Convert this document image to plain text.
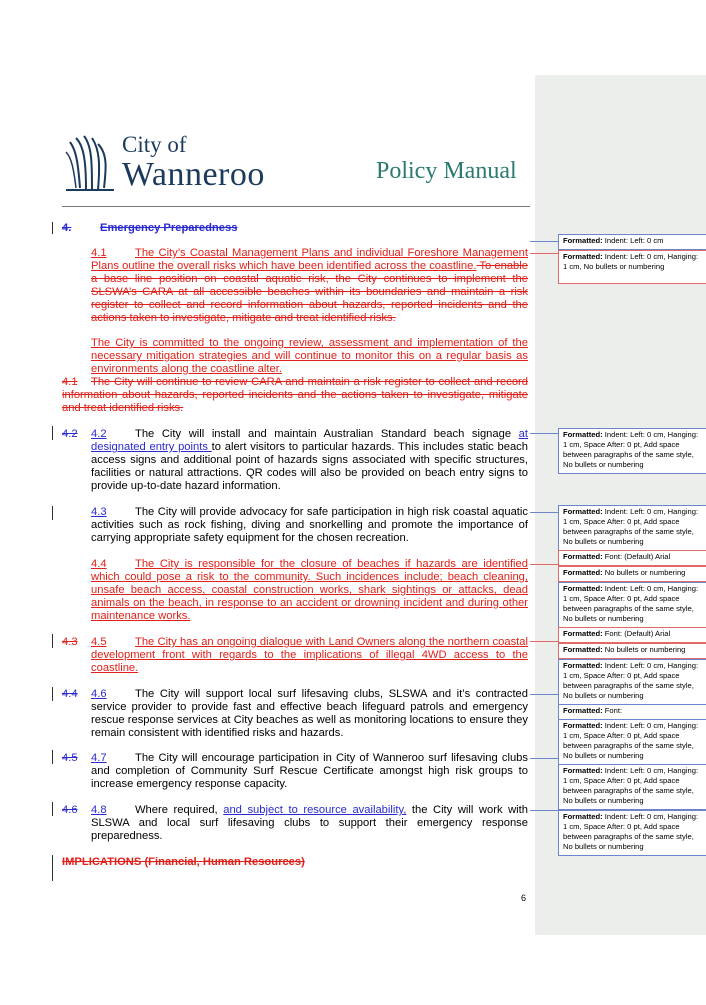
City of
Wanneroo	Policy Manual
4.	Emergency Preparedness
4.1	The City’s Coastal Management Plans and individual Foreshore Management Plans outline the overall risks which have been identified across the coastline. To enable a base line position on coastal aquatic risk, the City continues to implement the SLSWA’s CARA at all accessible beaches within its boundaries and maintain a risk register to collect and record information about hazards, reported incidents and the actions taken to investigate, mitigate and treat identified risks.
The City is committed to the ongoing review, assessment and implementation of the necessary mitigation strategies and will continue to monitor this on a regular basis as environments along the coastline alter.
4.1 The City will continue to review CARA and maintain a risk register to collect and record information about hazards, reported incidents and the actions taken to investigate, mitigate and treat identified risks.
4.2 4.2	The City will install and maintain Australian Standard beach signage at designated entry points to alert visitors to particular hazards. This includes static beach access signs and additional point of hazards signs associated with specific structures, facilities or natural attractions. QR codes will also be provided on beach entry signs to provide up-to-date hazard information.
4.3	The City will provide advocacy for safe participation in high risk coastal aquatic activities such as rock fishing, diving and snorkelling and promote the importance of carrying appropriate safety equipment for the chosen recreation.
4.4	The City is responsible for the closure of beaches if hazards are identified which could pose a risk to the community. Such incidences include; beach cleaning, unsafe beach access, coastal construction works, shark sightings or attacks, dead animals on the beach, in response to an accident or drowning incident and during other maintenance works.
4.3 4.5	The City has an ongoing dialogue with Land Owners along the northern coastal development front with regards to the implications of illegal 4WD access to the coastline.
4.4 4.6	The City will support local surf lifesaving clubs, SLSWA and it’s contracted service provider to provide fast and effective beach lifeguard patrols and emergency rescue response services at City beaches as well as monitoring locations to ensure they remain consistent with identified risks and hazards.
4.5 4.7	The City will encourage participation in City of Wanneroo surf lifesaving clubs and completion of Community Surf Rescue Certificate amongst high risk groups to increase emergency response capacity.
4.6 4.8	Where required, and subject to resource availability, the City will work with SLSWA and local surf lifesaving clubs to support their emergency response preparedness.
IMPLICATIONS (Financial, Human Resources)
6
Formatted: Indent: Left: 0 cm
Formatted: Indent: Left: 0 cm, Hanging: 1 cm, No bullets or numbering
Formatted: Indent: Left: 0 cm, Hanging: 1 cm, Space After: 0 pt, Add space between paragraphs of the same style, No bullets or numbering
Formatted: Indent: Left: 0 cm, Hanging: 1 cm, Space After: 0 pt, Add space between paragraphs of the same style, No bullets or numbering
Formatted: Font: (Default) Arial
Formatted: No bullets or numbering
Formatted: Indent: Left: 0 cm, Hanging: 1 cm, Space After: 0 pt, Add space between paragraphs of the same style, No bullets or numbering
Formatted: Font: (Default) Arial
Formatted: No bullets or numbering
Formatted: Indent: Left: 0 cm, Hanging: 1 cm, Space After: 0 pt, Add space between paragraphs of the same style, No bullets or numbering
Formatted: Font:
Formatted: Indent: Left: 0 cm, Hanging: 1 cm, Space After: 0 pt, Add space between paragraphs of the same style, No bullets or numbering
Formatted: Indent: Left: 0 cm, Hanging: 1 cm, Space After: 0 pt, Add space between paragraphs of the same style, No bullets or numbering
Formatted: Indent: Left: 0 cm, Hanging: 1 cm, Space After: 0 pt, Add space between paragraphs of the same style, No bullets or numbering
